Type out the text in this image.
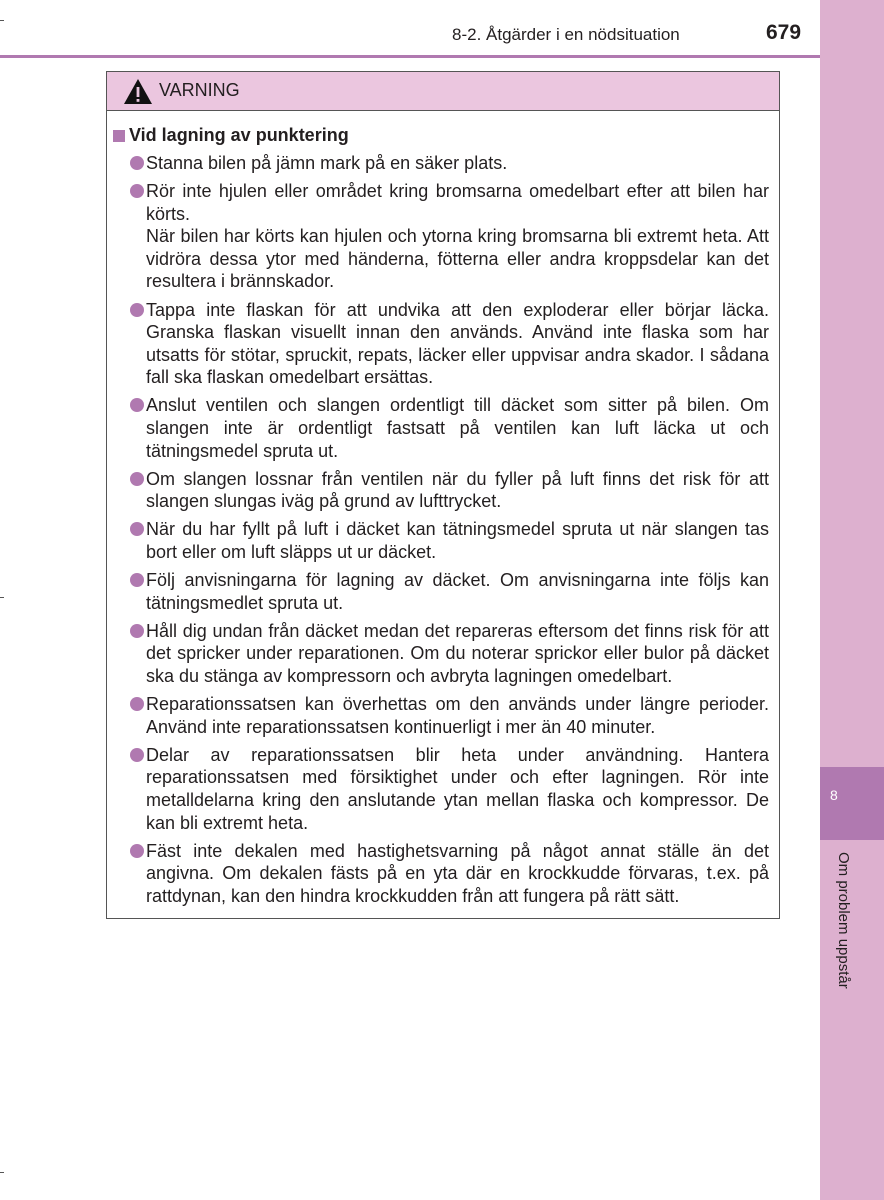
8
Om problem uppstår
8-2. Åtgärder i en nödsituation	679
VARNING
Vid lagning av punktering
Stanna bilen på jämn mark på en säker plats.
Rör inte hjulen eller området kring bromsarna omedelbart efter att bilen har körts.
När bilen har körts kan hjulen och ytorna kring bromsarna bli extremt heta. Att vidröra dessa ytor med händerna, fötterna eller andra kroppsdelar kan det resultera i brännskador.
Tappa inte flaskan för att undvika att den exploderar eller börjar läcka. Granska flaskan visuellt innan den används. Använd inte flaska som har utsatts för stötar, spruckit, repats, läcker eller uppvisar andra skador. I sådana fall ska flaskan omedelbart ersättas.
Anslut ventilen och slangen ordentligt till däcket som sitter på bilen. Om slangen inte är ordentligt fastsatt på ventilen kan luft läcka ut och tätningsmedel spruta ut.
Om slangen lossnar från ventilen när du fyller på luft finns det risk för att slangen slungas iväg på grund av lufttrycket.
När du har fyllt på luft i däcket kan tätningsmedel spruta ut när slangen tas bort eller om luft släpps ut ur däcket.
Följ anvisningarna för lagning av däcket. Om anvisningarna inte följs kan tätningsmedlet spruta ut.
Håll dig undan från däcket medan det repareras eftersom det finns risk för att det spricker under reparationen. Om du noterar sprickor eller bulor på däcket ska du stänga av kompressorn och avbryta lagningen omedelbart.
Reparationssatsen kan överhettas om den används under längre perioder. Använd inte reparationssatsen kontinuerligt i mer än 40 minuter.
Delar av reparationssatsen blir heta under användning. Hantera reparationssatsen med försiktighet under och efter lagningen. Rör inte metalldelarna kring den anslutande ytan mellan flaska och kompressor. De kan bli extremt heta.
Fäst inte dekalen med hastighetsvarning på något annat ställe än det angivna. Om dekalen fästs på en yta där en krockkudde förvaras, t.ex. på rattdynan, kan den hindra krockkudden från att fungera på rätt sätt.
